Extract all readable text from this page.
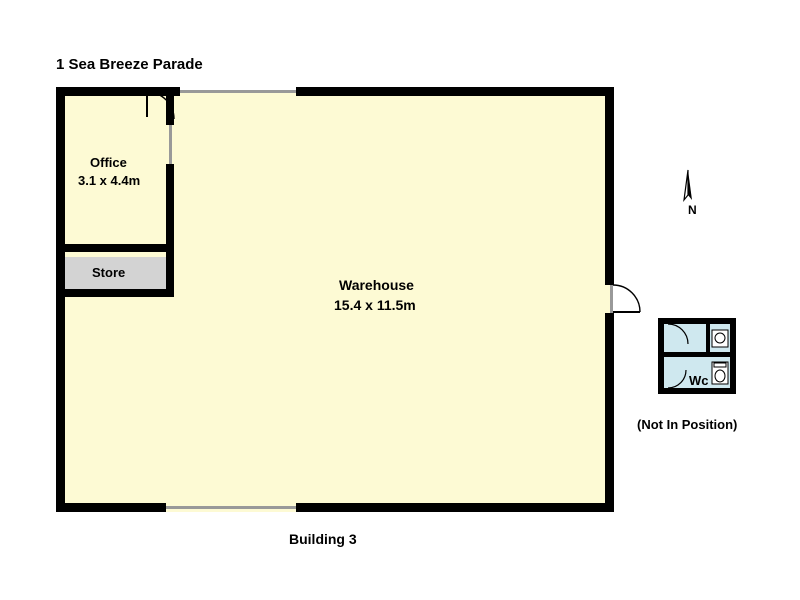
1 Sea Breeze Parade
Office
3.1 x 4.4m
Store
Warehouse
15.4 x 11.5m
Wc
(Not In Position)
Building 3
N
